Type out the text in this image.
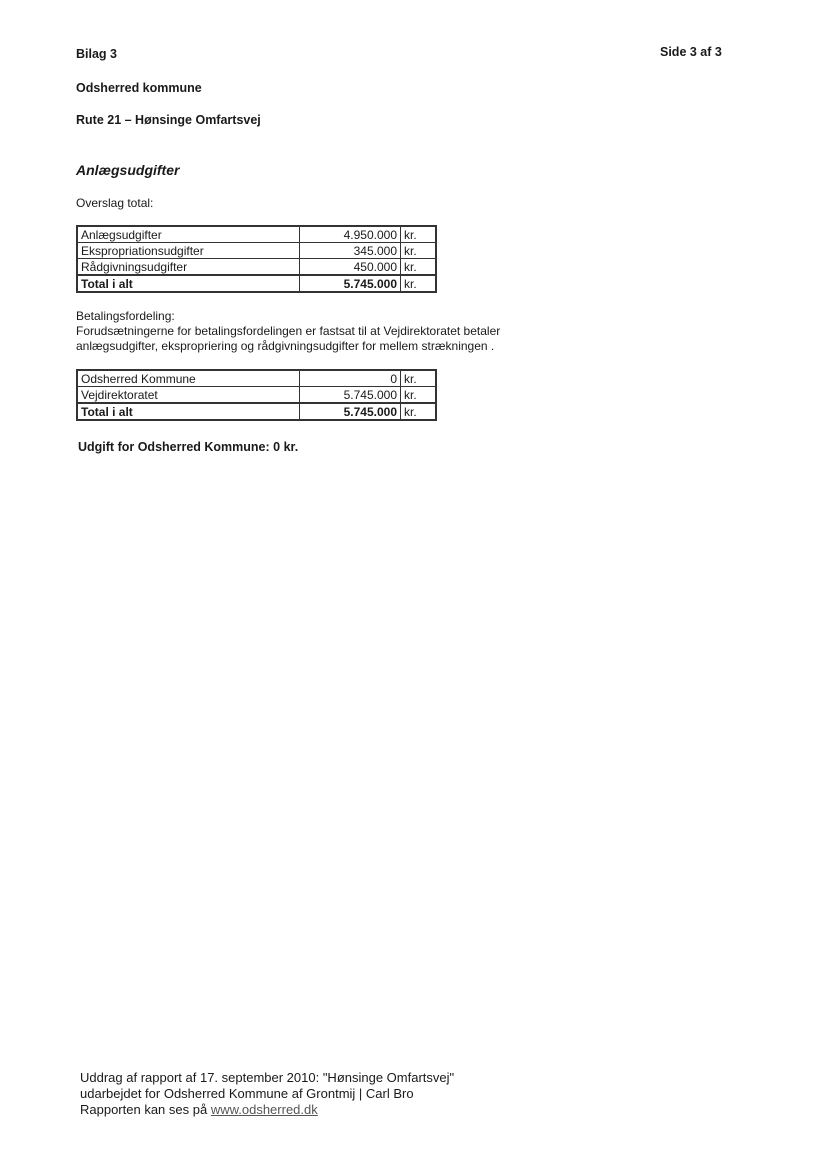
Bilag 3	Side 3 af 3
Odsherred kommune
Rute 21 – Hønsinge Omfartsvej
Anlægsudgifter
Overslag total:
Anlægsudgifter	4.950.000	kr.
Ekspropriationsudgifter	345.000	kr.
Rådgivningsudgifter	450.000	kr.
Total i alt	5.745.000	kr.
Betalingsfordeling:
Forudsætningerne for betalingsfordelingen er fastsat til at Vejdirektoratet betaler
anlægsudgifter, ekspropriering og rådgivningsudgifter for mellem strækningen .
Odsherred Kommune	0	kr.
Vejdirektoratet	5.745.000	kr.
Total i alt	5.745.000	kr.
Udgift for Odsherred Kommune: 0 kr.
Uddrag af rapport af 17. september 2010: "Hønsinge Omfartsvej"
udarbejdet for Odsherred Kommune af Grontmij | Carl Bro
Rapporten kan ses på www.odsherred.dk
